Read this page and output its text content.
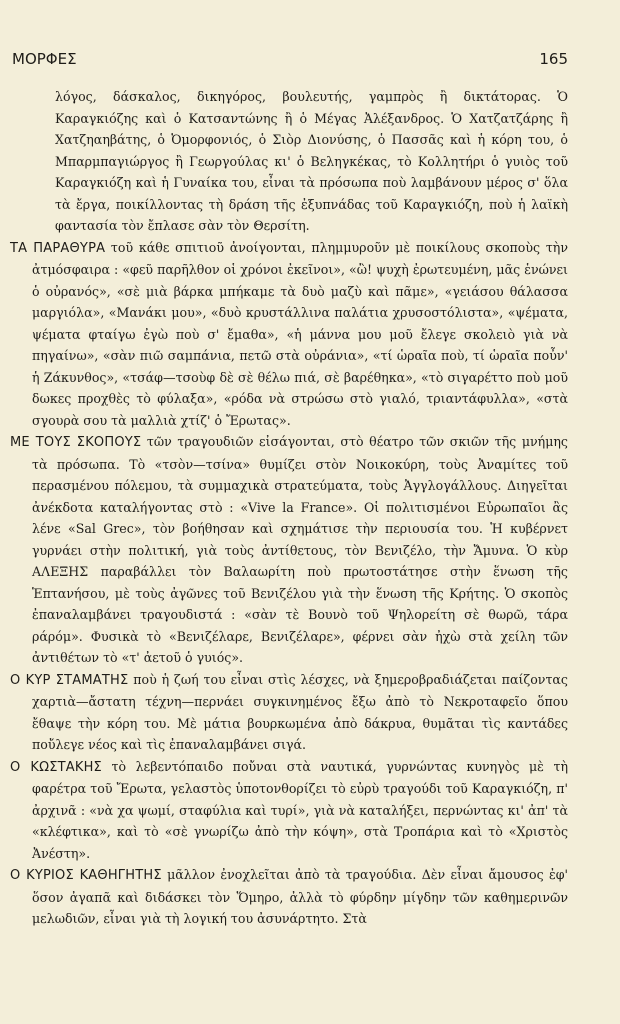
ΜΟΡΦΕΣ	165

λόγος, δάσκαλος, δικηγόρος, βουλευτής, γαμπρὸς ἢ δικτάτορας. Ὁ Καραγκιόζης καὶ ὁ Κατσαντώνης ἢ ὁ Μέγας Ἀλέξανδρος. Ὁ Χατζατζάρης ἢ Χατζηαηβάτης, ὁ Ὀμορφονιός, ὁ Σιὸρ Διονύσης, ὁ Πασσᾶς καὶ ἡ κόρη του, ὁ Μπαρμπαγιώργος ἢ Γεωργούλας κι' ὁ Βεληγκέκας, τὸ Κολλητήρι ὁ γυιὸς τοῦ Καραγκιόζη καὶ ἡ Γυναίκα του, εἶναι τὰ πρόσωπα ποὺ λαμβάνουν μέρος σ' ὅλα τὰ ἔργα, ποικίλλοντας τὴ δράση τῆς ἐξυπνάδας τοῦ Καραγκιόζη, ποὺ ἡ λαϊκὴ φαντασία τὸν ἔπλασε σὰν τὸν Θερσίτη.

ΤΑ ΠΑΡΑΘΥΡΑ τοῦ κάθε σπιτιοῦ ἀνοίγονται, πλημμυροῦν μὲ ποικίλους σκοποὺς τὴν ἀτμόσφαιρα : «φεῦ παρῆλθον οἱ χρόνοι ἐκεῖνοι», «ὢ! ψυχὴ ἐρωτευμένη, μᾶς ἑνώνει ὁ οὐρανός», «σὲ μιὰ βάρκα μπήκαμε τὰ δυὸ μαζὺ καὶ πᾶμε», «γειάσου θάλασσα μαργιόλα», «Μανάκι μου», «δυὸ κρυστάλλινα παλάτια χρυσοστόλιστα», «ψέματα, ψέματα φταίγω ἐγὼ ποὺ σ' ἔμαθα», «ἡ μάννα μου μοῦ ἔλεγε σκολειὸ γιὰ νὰ πηγαίνω», «σὰν πιῶ σαμπάνια, πετῶ στὰ οὐράνια», «τί ὡραῖα ποὺ, τί ὡραῖα ποὖν' ἡ Ζάκυνθος», «τσάφ—τσοὺφ δὲ σὲ θέλω πιά, σὲ βαρέθηκα», «τὸ σιγαρέττο ποὺ μοῦ δωκες προχθὲς τὸ φύλαξα», «ρόδα νὰ στρώσω στὸ γιαλό, τριαντάφυλλα», «στὰ σγουρὰ σου τὰ μαλλιὰ χτίζ' ὁ Ἔρωτας».

ΜΕ ΤΟΥΣ ΣΚΟΠΟΥΣ τῶν τραγουδιῶν εἰσάγονται, στὸ θέατρο τῶν σκιῶν τῆς μνήμης τὰ πρόσωπα. Τὸ «τσὸν—τσίνα» θυμίζει στὸν Νοικοκύρη, τοὺς Ἀναμίτες τοῦ περασμένου πόλεμου, τὰ συμμαχικὰ στρατεύματα, τοὺς Ἀγγλογάλλους. Διηγεῖται ἀνέκδοτα καταλήγοντας στὸ : «Vive la France». Οἱ πολιτισμένοι Εὐρωπαῖοι ἂς λένε «Sal Grec», τὸν βοήθησαν καὶ σχημάτισε τὴν περιουσία του. Ἡ κυβέρνετ γυρνάει στὴν πολιτική, γιὰ τοὺς ἀντίθετους, τὸν Βενιζέλο, τὴν Ἄμυνα. Ὁ κὺρ ΑΛΕΞΗΣ παραβάλλει τὸν Βαλαωρίτη ποὺ πρωτοστάτησε στὴν ἕνωση τῆς Ἑπτανήσου, μὲ τοὺς ἀγῶνες τοῦ Βενιζέλου γιὰ τὴν ἕνωση τῆς Κρήτης. Ὁ σκοπὸς ἐπαναλαμβάνει τραγουδιστά : «σὰν τὲ Βουνὸ τοῦ Ψηλορείτη σὲ θωρῶ, τάρα ράρόμ». Φυσικὰ τὸ «Βενιζέλαρε, Βενιζέλαρε», φέρνει σὰν ἠχὼ στὰ χείλη τῶν ἀντιθέτων τὸ «τ' ἀετοῦ ὁ γυιός».

Ο ΚΥΡ ΣΤΑΜΑΤΗΣ ποὺ ἡ ζωή του εἶναι στὶς λέσχες, νὰ ξημεροβραδιάζεται παίζοντας χαρτιὰ—ἄστατη τέχνη—περνάει συγκινημένος ἔξω ἀπὸ τὸ Νεκροταφεῖο ὅπου ἔθαψε τὴν κόρη του. Μὲ μάτια βουρκωμένα ἀπὸ δάκρυα, θυμᾶται τὶς καντάδες ποὔλεγε νέος καὶ τὶς ἐπαναλαμβάνει σιγά.

Ο ΚΩΣΤΑΚΗΣ τὸ λεβεντόπαιδο ποὔναι στὰ ναυτικά, γυρνώντας κυνηγὸς μὲ τὴ φαρέτρα τοῦ Ἔρωτα, γελαστὸς ὑποτονθορίζει τὸ εὐρὺ τραγούδι τοῦ Καραγκιόζη, π' ἀρχινᾶ : «νὰ χα ψωμί, σταφύλια καὶ τυρί», γιὰ νὰ καταλήξει, περνώντας κι' ἀπ' τὰ «κλέφτικα», καὶ τὸ «σὲ γνωρίζω ἀπὸ τὴν κόψη», στὰ Τροπάρια καὶ τὸ «Χριστὸς Ἀνέστη».

Ο ΚΥΡΙΟΣ ΚΑΘΗΓΗΤΗΣ μᾶλλον ἐνοχλεῖται ἀπὸ τὰ τραγούδια. Δὲν εἶναι ἄμουσος ἐφ' ὅσον ἀγαπᾶ καὶ διδάσκει τὸν Ὅμηρο, ἀλλὰ τὸ φύρδην μίγδην τῶν καθημερινῶν μελωδιῶν, εἶναι γιὰ τὴ λογική του ἀσυνάρτητο. Στὰ
